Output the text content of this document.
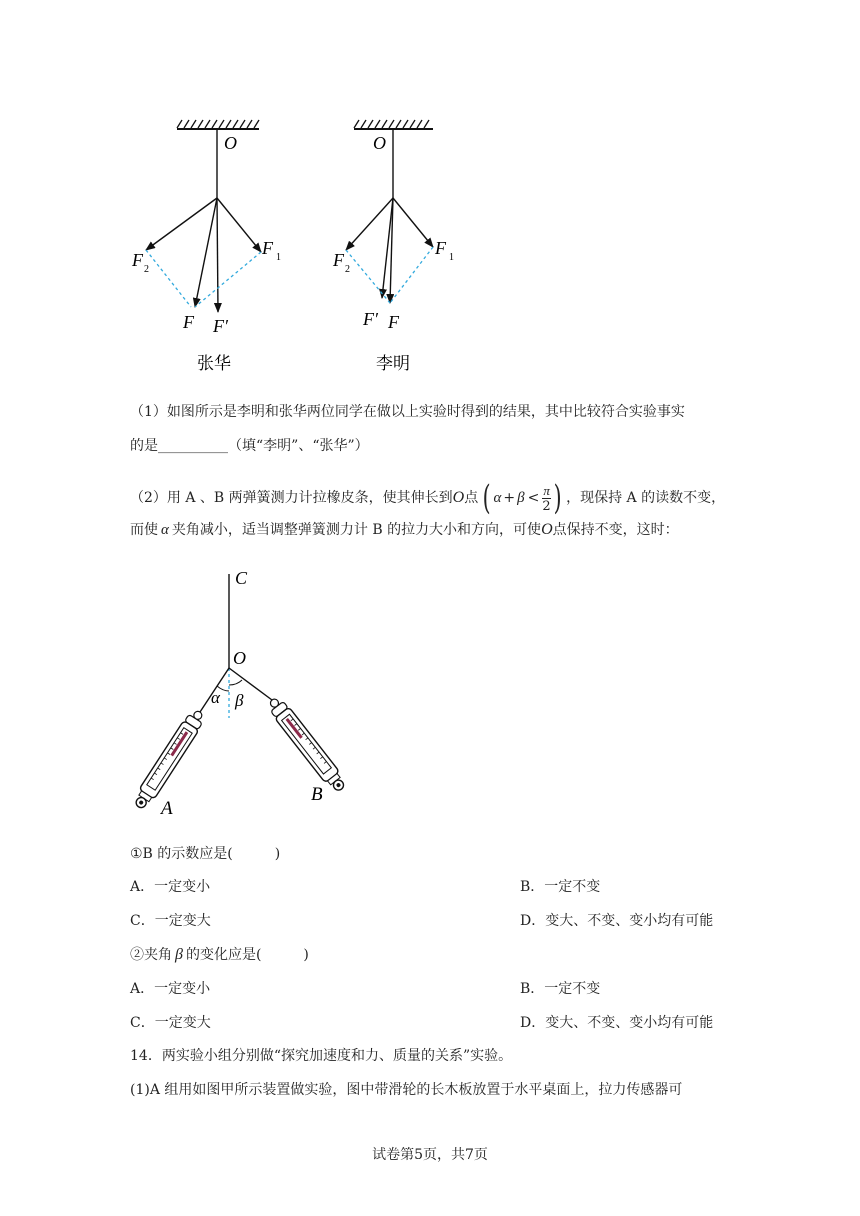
O
F 2
F 1
F F′
张华
O
F 2
F 1
F′ F
李明
（1）如图所示是李明和张华两位同学在做以上实验时得到的结果，其中比较符合实验事实
的是__________（填“李明”、“张华”）
（2）用 A 、B 两弹簧测力计拉橡皮条，使其伸长到 O 点 ( α + β < π
2 ) ，现保持 A 的读数不变，
而使 α 夹角减小，适当调整弹簧测力计 B 的拉力大小和方向，可使O点保持不变，这时：
C
O
α β
A
B
①B 的示数应是(　　　)
A．一定变小	B．一定不变
C．一定变大	D．变大、不变、变小均有可能
②夹角 β 的变化应是(　　　)
A．一定变小	B．一定不变
C．一定变大	D．变大、不变、变小均有可能
14．两实验小组分别做“探究加速度和力、质量的关系”实验。
(1)A 组用如图甲所示装置做实验，图中带滑轮的长木板放置于水平桌面上，拉力传感器可
试卷第5页，共7页
